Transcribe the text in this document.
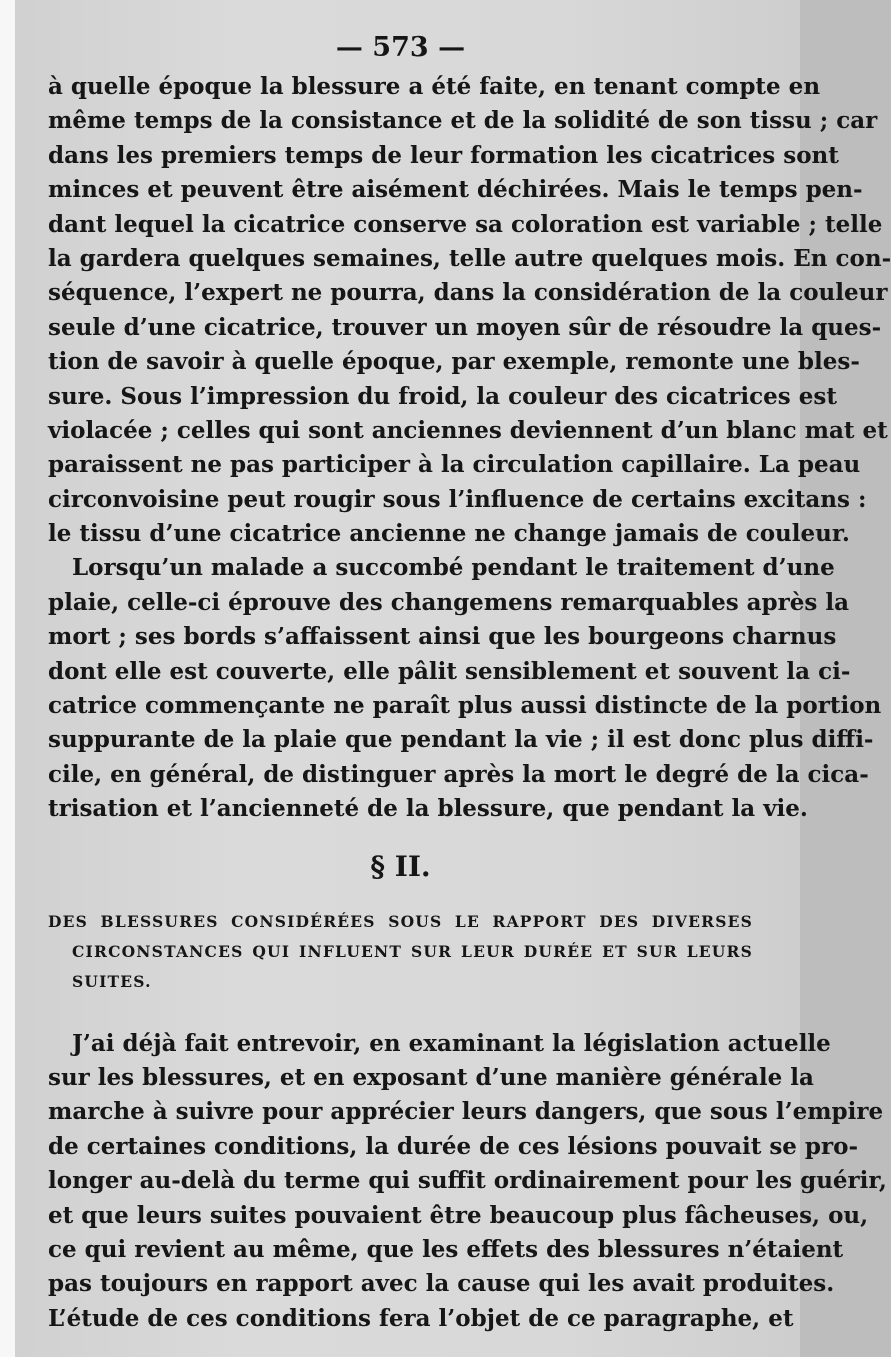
— 573 —
à quelle époque la blessure a été faite, en tenant compte en
même temps de la consistance et de la solidité de son tissu ; car
dans les premiers temps de leur formation les cicatrices sont
minces et peuvent être aisément déchirées. Mais le temps pen-
dant lequel la cicatrice conserve sa coloration est variable ; telle
la gardera quelques semaines, telle autre quelques mois. En con-
séquence, l’expert ne pourra, dans la considération de la couleur
seule d’une cicatrice, trouver un moyen sûr de résoudre la ques-
tion de savoir à quelle époque, par exemple, remonte une bles-
sure. Sous l’impression du froid, la couleur des cicatrices est
violacée ; celles qui sont anciennes deviennent d’un blanc mat et
paraissent ne pas participer à la circulation capillaire. La peau
circonvoisine peut rougir sous l’influence de certains excitans :
le tissu d’une cicatrice ancienne ne change jamais de couleur.
Lorsqu’un malade a succombé pendant le traitement d’une
plaie, celle-ci éprouve des changemens remarquables après la
mort ; ses bords s’affaissent ainsi que les bourgeons charnus
dont elle est couverte, elle pâlit sensiblement et souvent la ci-
catrice commençante ne paraît plus aussi distincte de la portion
suppurante de la plaie que pendant la vie ; il est donc plus diffi-
cile, en général, de distinguer après la mort le degré de la cica-
trisation et l’ancienneté de la blessure, que pendant la vie.
§ II.
DES BLESSURES CONSIDÉRÉES SOUS LE RAPPORT DES DIVERSES
CIRCONSTANCES QUI INFLUENT SUR LEUR DURÉE ET SUR LEURS
SUITES.
J’ai déjà fait entrevoir, en examinant la législation actuelle
sur les blessures, et en exposant d’une manière générale la
marche à suivre pour apprécier leurs dangers, que sous l’empire
de certaines conditions, la durée de ces lésions pouvait se pro-
longer au-delà du terme qui suffit ordinairement pour les guérir,
et que leurs suites pouvaient être beaucoup plus fâcheuses, ou,
ce qui revient au même, que les effets des blessures n’étaient
pas toujours en rapport avec la cause qui les avait produites.
L’étude de ces conditions fera l’objet de ce paragraphe, et
